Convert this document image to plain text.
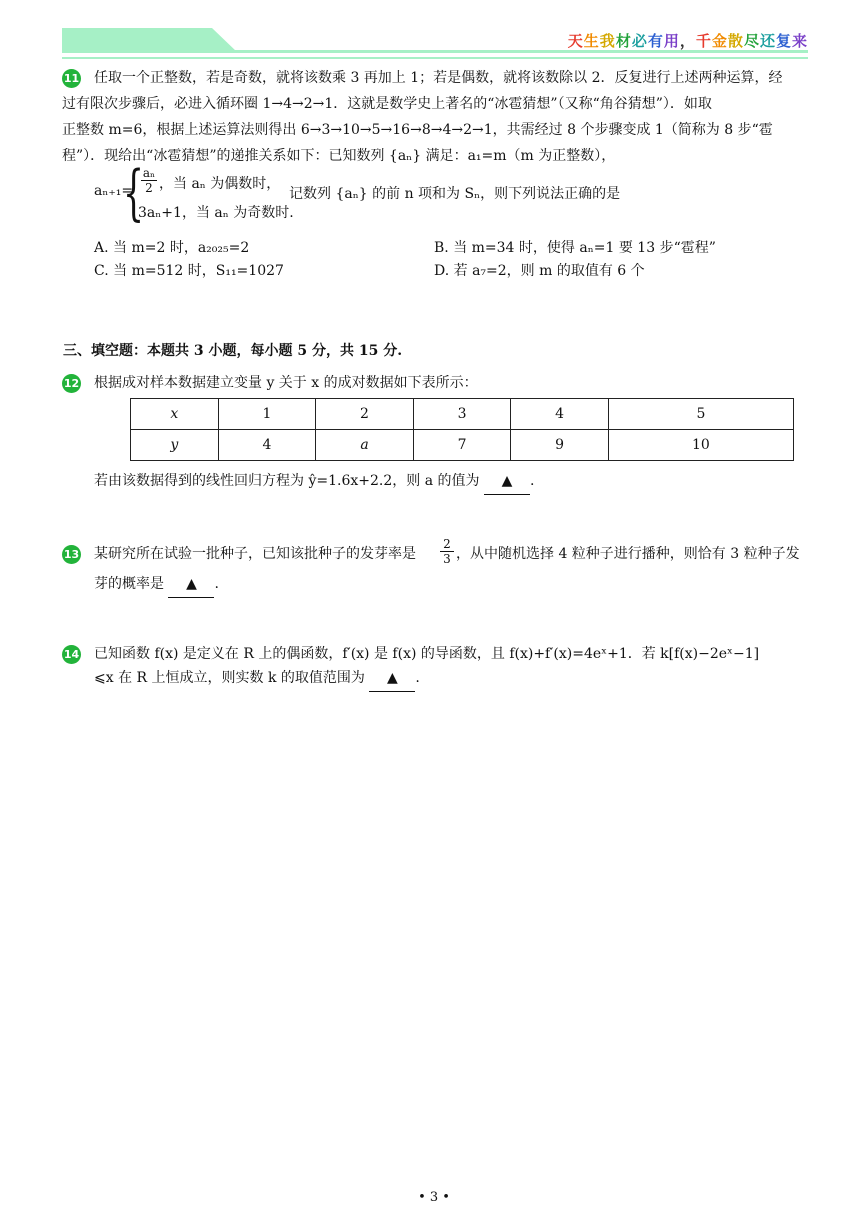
天生我材必有用，千金散尽还复来
11 任取一个正整数，若是奇数，就将该数乘 3 再加上 1；若是偶数，就将该数除以 2．反复进行上述两种运算，经
过有限次步骤后，必进入循环圈 1→4→2→1．这就是数学史上著名的“冰雹猜想”（又称“角谷猜想”）．如取
正整数 m=6，根据上述运算法则得出 6→3→10→5→16→8→4→2→1，共需经过 8 个步骤变成 1（简称为 8 步“雹
程”）．现给出“冰雹猜想”的递推关系如下：已知数列 {aₙ} 满足：a₁=m（m 为正整数），
aₙ₊₁=
{
$\frac{\text{aₙ}}{2}$ ，当 aₙ 为偶数时，
3aₙ+1，当 aₙ 为奇数时.
记数列 {aₙ} 的前 n 项和为 Sₙ，则下列说法正确的是
A. 当 m=2 时，a₂₀₂₅=2	B. 当 m=34 时，使得 aₙ=1 要 13 步“雹程”
C. 当 m=512 时，S₁₁=1027	D. 若 a₇=2，则 m 的取值有 6 个
三、填空题：本题共 3 小题，每小题 5 分，共 15 分.
12 根据成对样本数据建立变量 y 关于 x 的成对数据如下表所示：
x	1	2	3	4	5
y	4	a	7	9	10
若由该数据得到的线性回归方程为 ŷ=1.6x+2.2，则 a 的值为 ▲ .
13 某研究所在试验一批种子，已知该批种子的发芽率是 $\frac{2}{3}$ ，从中随机选择 4 粒种子进行播种，则恰有 3 粒种子发
芽的概率是 ▲ .
14 已知函数 f(x) 是定义在 R 上的偶函数，f′(x) 是 f(x) 的导函数，且 f(x)+f′(x)=4eˣ+1．若 k[f(x)−2eˣ−1]
⩽x 在 R 上恒成立，则实数 k 的取值范围为 ▲ .
• 3 •
